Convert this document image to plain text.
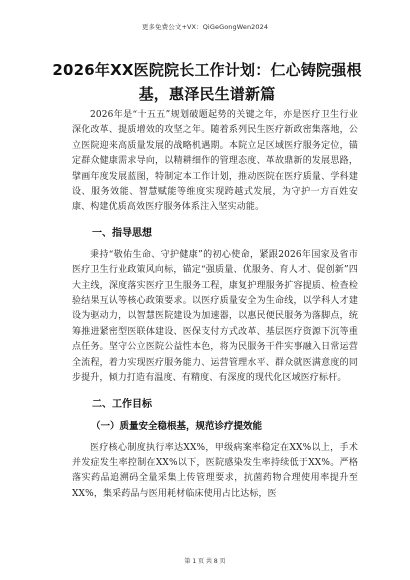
更多免费公文+VX：QiGeGongWen2024
2026年XX医院院长工作计划：仁心铸院强根基，惠泽民生谱新篇

2026年是“十五五”规划破题起势的关键之年，亦是医疗卫生行业深化改革、提质增效的攻坚之年。随着系列民生医疗新政密集落地，公立医院迎来高质量发展的战略机遇期。本院立足区域医疗服务定位，锚定群众健康需求导向，以精耕细作的管理态度、革故鼎新的发展思路，擘画年度发展蓝图，特制定本工作计划，推动医院在医疗质量、学科建设、服务效能、智慧赋能等维度实现跨越式发展，为守护一方百姓安康、构建优质高效医疗服务体系注入坚实动能。

一、指导思想

秉持“敬佑生命、守护健康”的初心使命，紧跟2026年国家及省市医疗卫生行业政策风向标，锚定“强质量、优服务、育人才、促创新”四大主线，深度落实医疗卫生服务工程，康复护理服务扩容提质、检查检验结果互认等核心政策要求。以医疗质量安全为生命线，以学科人才建设为驱动力，以智慧医院建设为加速器，以惠民便民服务为落脚点，统筹推进紧密型医联体建设、医保支付方式改革、基层医疗资源下沉等重点任务。坚守公立医院公益性本色，将为民服务干件实事融入日常运营全流程，着力实现医疗服务能力、运营管理水平、群众就医满意度的同步提升，倾力打造有温度、有精度、有深度的现代化区域医疗标杆。

二、工作目标

（一）质量安全稳根基，规范诊疗提效能

医疗核心制度执行率达XX%，甲级病案率稳定在XX%以上，手术并发症发生率控制在XX%以下，医院感染发生率持续低于XX%。严格落实药品追溯码全量采集上传管理要求，抗菌药物合理使用率提升至XX%，集采药品与医用耗材临床使用占比达标，医

第 1 页 共 8 页
